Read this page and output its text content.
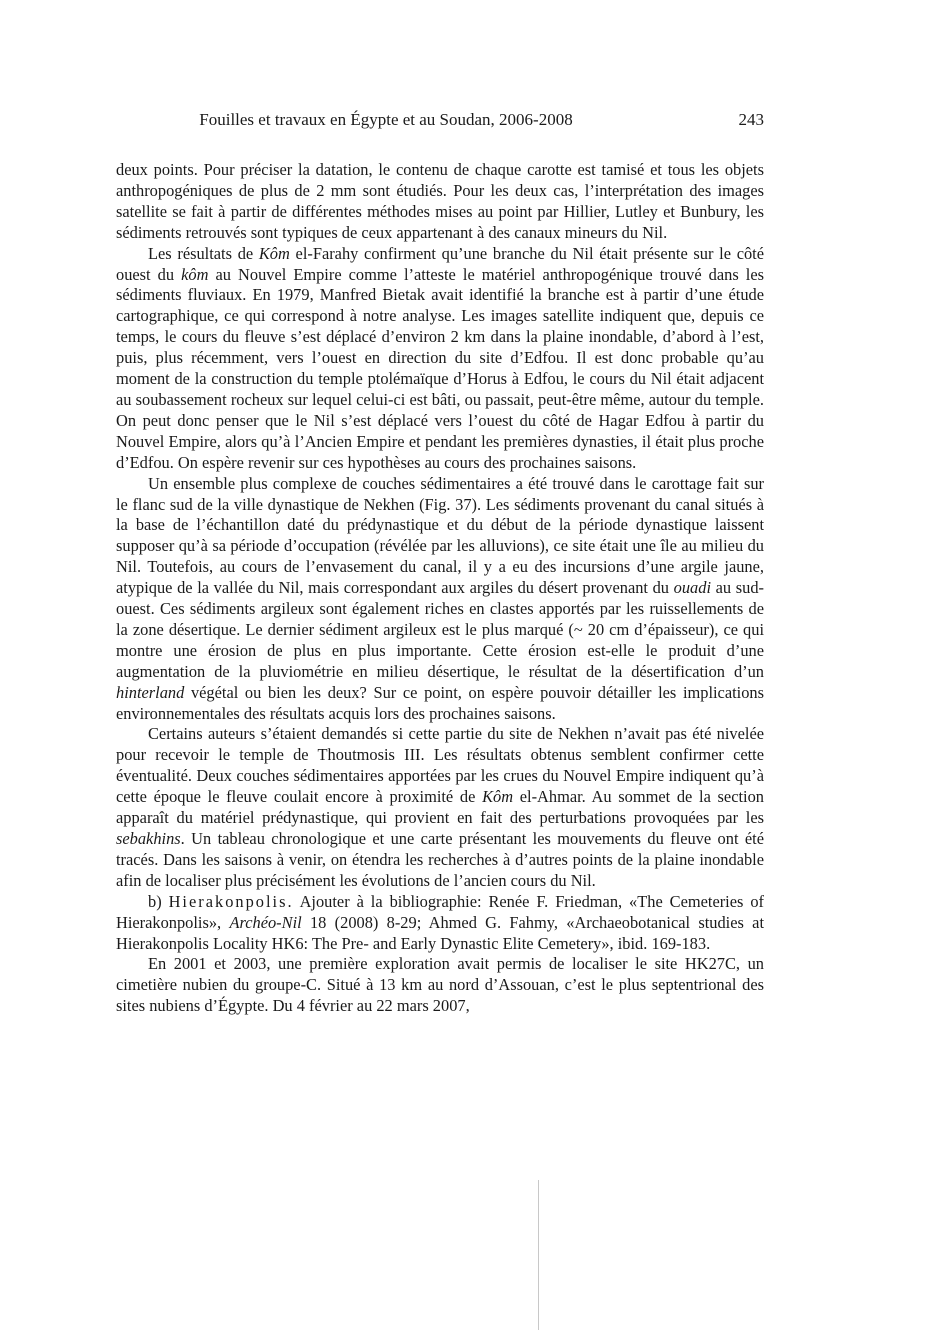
Fouilles et travaux en Égypte et au Soudan, 2006-2008	243

deux points. Pour préciser la datation, le contenu de chaque carotte est tamisé et tous les objets anthropogéniques de plus de 2 mm sont étudiés. Pour les deux cas, l’interprétation des images satellite se fait à partir de différentes méthodes mises au point par Hillier, Lutley et Bunbury, les sédiments retrouvés sont typiques de ceux appartenant à des canaux mineurs du Nil.

Les résultats de Kôm el-Farahy confirment qu’une branche du Nil était présente sur le côté ouest du kôm au Nouvel Empire comme l’atteste le matériel anthropogénique trouvé dans les sédiments fluviaux. En 1979, Manfred Bietak avait identifié la branche est à partir d’une étude cartographique, ce qui correspond à notre analyse. Les images satellite indiquent que, depuis ce temps, le cours du fleuve s’est déplacé d’environ 2 km dans la plaine inondable, d’abord à l’est, puis, plus récemment, vers l’ouest en direction du site d’Edfou. Il est donc probable qu’au moment de la construction du temple ptolémaïque d’Horus à Edfou, le cours du Nil était adjacent au soubassement rocheux sur lequel celui-ci est bâti, ou passait, peut-être même, autour du temple. On peut donc penser que le Nil s’est déplacé vers l’ouest du côté de Hagar Edfou à partir du Nouvel Empire, alors qu’à l’Ancien Empire et pendant les premières dynasties, il était plus proche d’Edfou. On espère revenir sur ces hypothèses au cours des prochaines saisons.

Un ensemble plus complexe de couches sédimentaires a été trouvé dans le carottage fait sur le flanc sud de la ville dynastique de Nekhen (Fig. 37). Les sédiments provenant du canal situés à la base de l’échantillon daté du prédynastique et du début de la période dynastique laissent supposer qu’à sa période d’occupation (révélée par les alluvions), ce site était une île au milieu du Nil. Toutefois, au cours de l’envasement du canal, il y a eu des incursions d’une argile jaune, atypique de la vallée du Nil, mais correspondant aux argiles du désert provenant du ouadi au sud-ouest. Ces sédiments argileux sont également riches en clastes apportés par les ruissellements de la zone désertique. Le dernier sédiment argileux est le plus marqué (~ 20 cm d’épaisseur), ce qui montre une érosion de plus en plus importante. Cette érosion est-elle le produit d’une augmentation de la pluviométrie en milieu désertique, le résultat de la désertification d’un hinterland végétal ou bien les deux? Sur ce point, on espère pouvoir détailler les implications environnementales des résultats acquis lors des prochaines saisons.

Certains auteurs s’étaient demandés si cette partie du site de Nekhen n’avait pas été nivelée pour recevoir le temple de Thoutmosis III. Les résultats obtenus semblent confirmer cette éventualité. Deux couches sédimentaires apportées par les crues du Nouvel Empire indiquent qu’à cette époque le fleuve coulait encore à proximité de Kôm el-Ahmar. Au sommet de la section apparaît du matériel prédynastique, qui provient en fait des perturbations provoquées par les sebakhins. Un tableau chronologique et une carte présentant les mouvements du fleuve ont été tracés. Dans les saisons à venir, on étendra les recherches à d’autres points de la plaine inondable afin de localiser plus précisément les évolutions de l’ancien cours du Nil.

b) Hierakonpolis. Ajouter à la bibliographie: Renée F. Friedman, «The Cemeteries of Hierakonpolis», Archéo-Nil 18 (2008) 8-29; Ahmed G. Fahmy, «Archaeobotanical studies at Hierakonpolis Locality HK6: The Pre- and Early Dynastic Elite Cemetery», ibid. 169-183.

En 2001 et 2003, une première exploration avait permis de localiser le site HK27C, un cimetière nubien du groupe-C. Situé à 13 km au nord d’Assouan, c’est le plus septentrional des sites nubiens d’Égypte. Du 4 février au 22 mars 2007,
